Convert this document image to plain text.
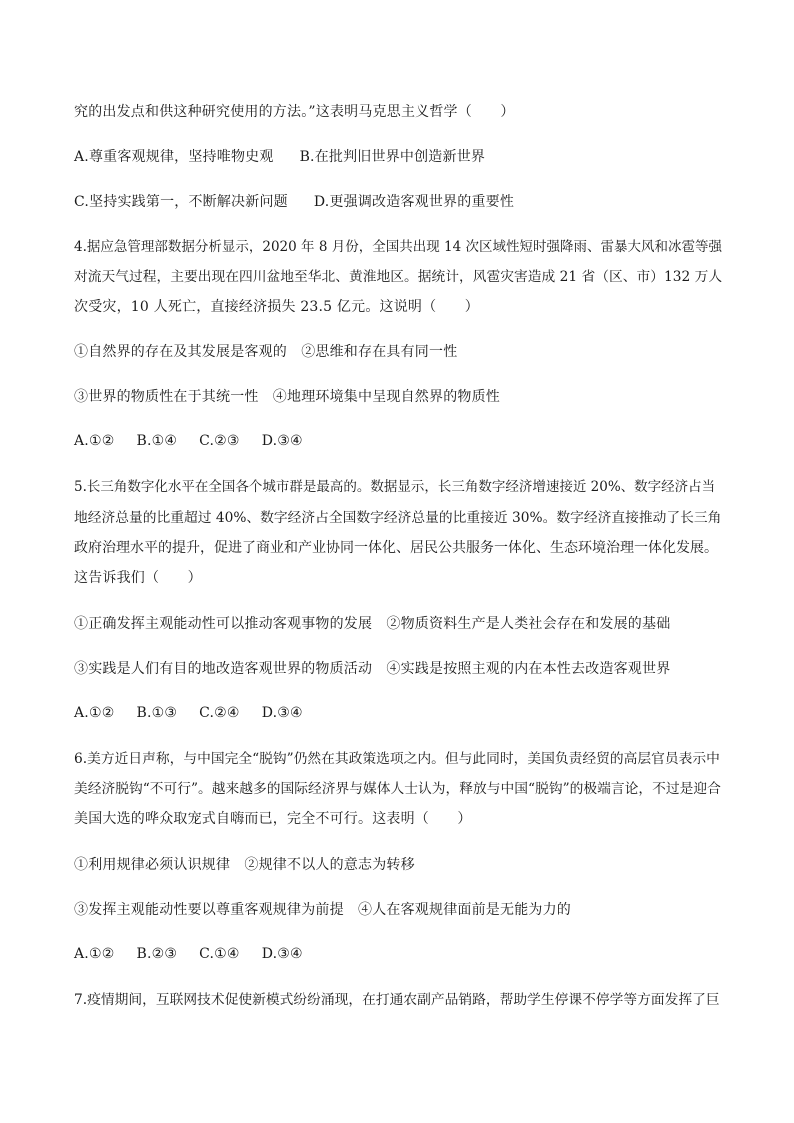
究的出发点和供这种研究使用的方法。”这表明马克思主义哲学（　　）
A.尊重客观规律，坚持唯物史观 B.在批判旧世界中创造新世界
C.坚持实践第一，不断解决新问题 D.更强调改造客观世界的重要性
4.据应急管理部数据分析显示，2020 年 8 月份，全国共出现 14 次区域性短时强降雨、雷暴大风和冰雹等强
对流天气过程，主要出现在四川盆地至华北、黄淮地区。据统计，风雹灾害造成 21 省（区、市）132 万人
次受灾，10 人死亡，直接经济损失 23.5 亿元。这说明（　　）
①自然界的存在及其发展是客观的　②思维和存在具有同一性
③世界的物质性在于其统一性　④地理环境集中呈现自然界的物质性
A.①② B.①④ C.②③ D.③④
5.长三角数字化水平在全国各个城市群是最高的。数据显示，长三角数字经济增速接近 20%、数字经济占当
地经济总量的比重超过 40%、数字经济占全国数字经济总量的比重接近 30%。数字经济直接推动了长三角
政府治理水平的提升，促进了商业和产业协同一体化、居民公共服务一体化、生态环境治理一体化发展。
这告诉我们（　　）
①正确发挥主观能动性可以推动客观事物的发展　②物质资料生产是人类社会存在和发展的基础
③实践是人们有目的地改造客观世界的物质活动　④实践是按照主观的内在本性去改造客观世界
A.①② B.①③ C.②④ D.③④
6.美方近日声称，与中国完全“脱钩”仍然在其政策选项之内。但与此同时，美国负责经贸的高层官员表示中
美经济脱钩“不可行”。越来越多的国际经济界与媒体人士认为，释放与中国“脱钩”的极端言论，不过是迎合
美国大选的哗众取宠式自嗨而已，完全不可行。这表明（　　）
①利用规律必须认识规律　②规律不以人的意志为转移
③发挥主观能动性要以尊重客观规律为前提　④人在客观规律面前是无能为力的
A.①② B.②③ C.①④ D.③④
7.疫情期间，互联网技术促使新模式纷纷涌现，在打通农副产品销路，帮助学生停课不停学等方面发挥了巨
